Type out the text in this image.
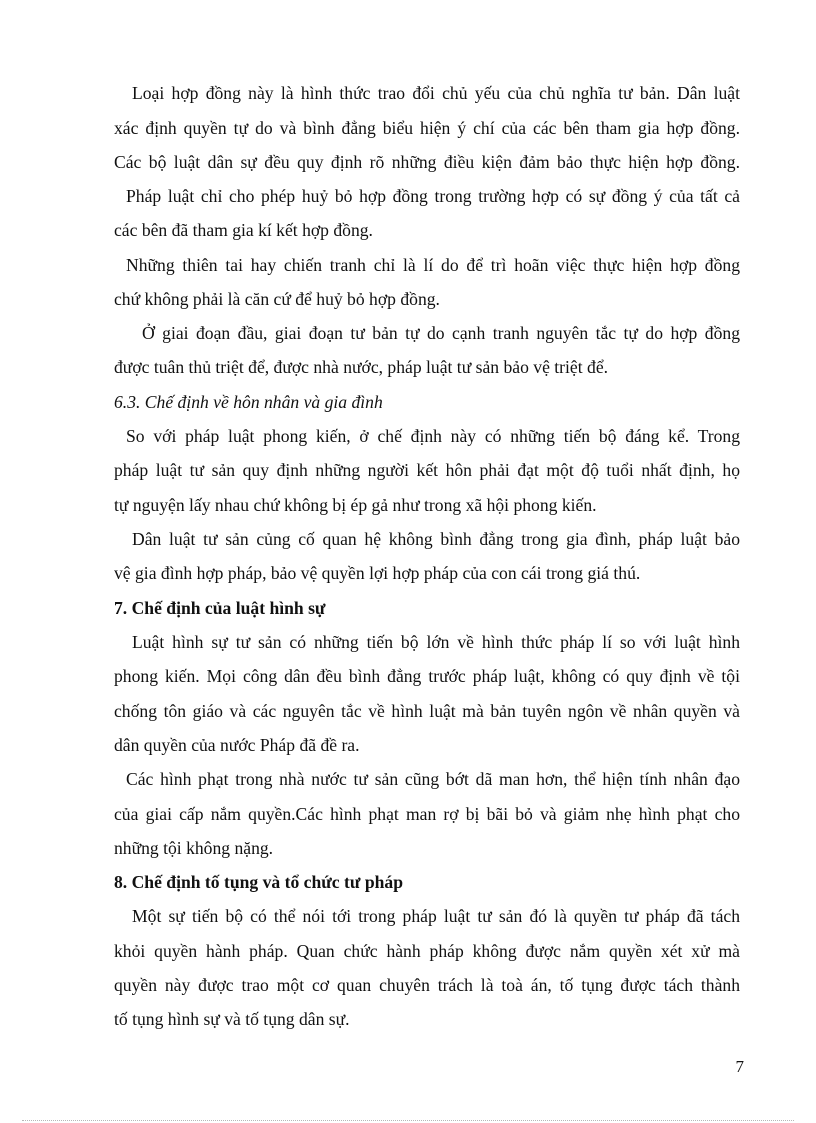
Loại hợp đồng này là hình thức trao đổi chủ yếu của chủ nghĩa tư bản. Dân luật
xác định quyền tự do và bình đẳng biểu hiện ý chí của các bên tham gia hợp đồng.
Các bộ luật dân sự đều quy định rõ những điều kiện đảm bảo thực hiện hợp đồng.
Pháp luật chỉ cho phép huỷ bỏ hợp đồng trong trường hợp có sự đồng ý của tất cả
các bên đã tham gia kí kết hợp đồng.
Những thiên tai hay chiến tranh chỉ là lí do để trì hoãn việc thực hiện hợp đồng
chứ không phải là căn cứ để huỷ bỏ hợp đồng.
Ở giai đoạn đầu, giai đoạn tư bản tự do cạnh tranh nguyên tắc tự do hợp đồng
được tuân thủ triệt để, được nhà nước, pháp luật tư sản bảo vệ triệt để.
6.3. Chế định về hôn nhân và gia đình
So với pháp luật phong kiến, ở chế định này có những tiến bộ đáng kể. Trong
pháp luật tư sản quy định những người kết hôn phải đạt một độ tuổi nhất định, họ
tự nguyện lấy nhau chứ không bị ép gả như trong xã hội phong kiến.
Dân luật tư sản củng cố quan hệ không bình đẳng trong gia đình, pháp luật bảo
vệ gia đình hợp pháp, bảo vệ quyền lợi hợp pháp của con cái trong giá thú.
7. Chế định của luật hình sự
Luật hình sự tư sản có những tiến bộ lớn về hình thức pháp lí so với luật hình
phong kiến. Mọi công dân đều bình đẳng trước pháp luật, không có quy định về tội
chống tôn giáo và các nguyên tắc về hình luật mà bản tuyên ngôn về nhân quyền và
dân quyền của nước Pháp đã đề ra.
Các hình phạt trong nhà nước tư sản cũng bớt dã man hơn, thể hiện tính nhân đạo
của giai cấp nắm quyền.Các hình phạt man rợ bị bãi bỏ và giảm nhẹ hình phạt cho
những tội không nặng.
8. Chế định tố tụng và tổ chức tư pháp
Một sự tiến bộ có thể nói tới trong pháp luật tư sản đó là quyền tư pháp đã tách
khỏi quyền hành pháp. Quan chức hành pháp không được nắm quyền xét xử mà
quyền này được trao một cơ quan chuyên trách là toà án, tố tụng được tách thành
tố tụng hình sự và tố tụng dân sự.
7
